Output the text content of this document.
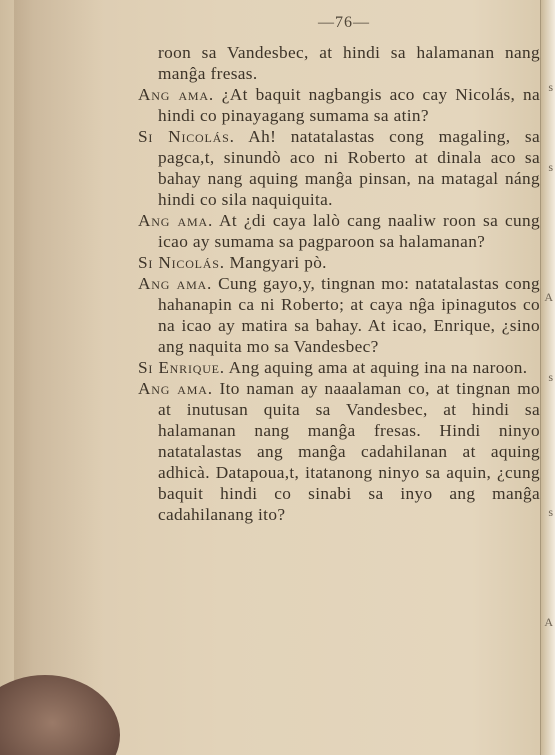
s
s
A
s
s
A
—76—

roon sa Vandesbec, at hindi sa halamanan nang manĝa fresas.

Ang ama. ¿At baquit nagbangis aco cay Nicolás, na hindi co pinayagang sumama sa atin?

Si Nicolás. Ah! natatalastas cong magaling, sa pagca,t, sinundò aco ni Roberto at dinala aco sa bahay nang aquing manĝa pinsan, na matagal náng hindi co sila naquiquita.

Ang ama. At ¿di caya lalò cang naaliw roon sa cung icao ay sumama sa pagparoon sa halamanan?

Si Nicolás. Mangyari pò.

Ang ama. Cung gayo,y, tingnan mo: natatalastas cong hahanapin ca ni Roberto; at caya nĝa ipinagutos co na icao ay matira sa bahay. At icao, Enrique, ¿sino ang naquita mo sa Vandesbec?

Si Enrique. Ang aquing ama at aquing ina na naroon.

Ang ama. Ito naman ay naaalaman co, at tingnan mo at inutusan quita sa Vandesbec, at hindi sa halamanan nang manĝa fresas. Hindi ninyo natatalastas ang manĝa cadahilanan at aquing adhicà. Datapoua,t, itatanong ninyo sa aquin, ¿cung baquit hindi co sinabi sa inyo ang manĝa cadahilanang ito?
